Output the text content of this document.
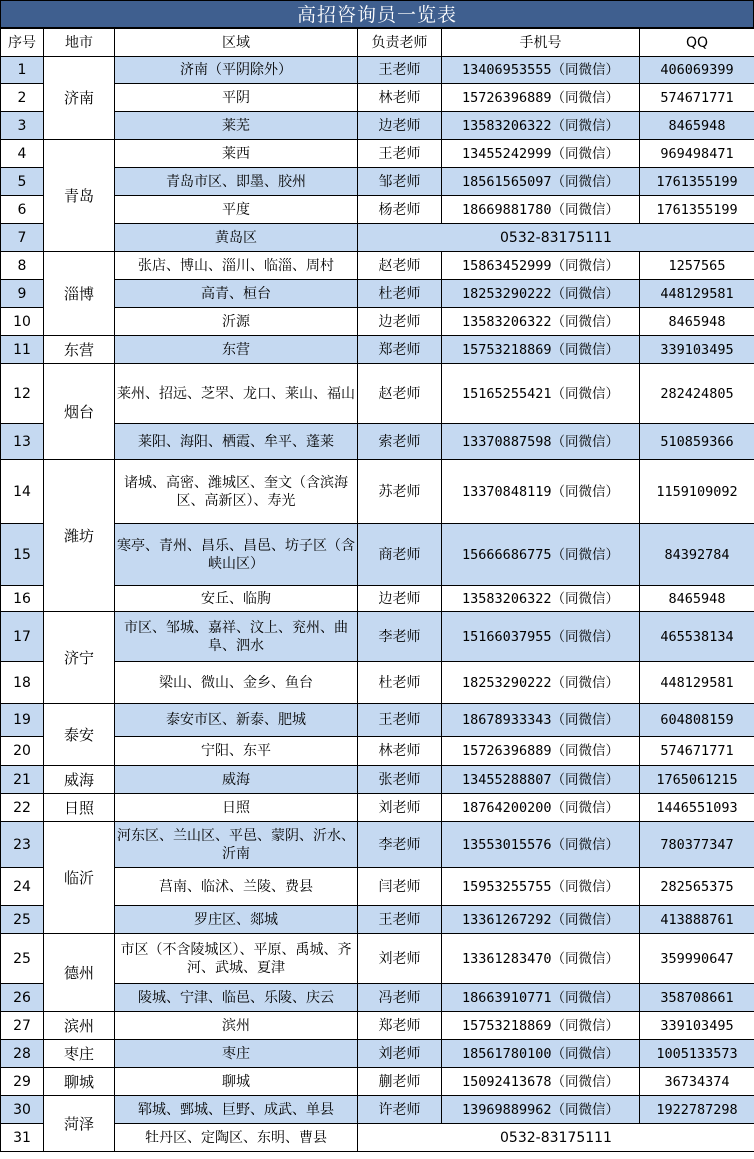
高招咨询员一览表
序号	地市	区域	负责老师	手机号	QQ
1	济南	济南（平阴除外）	王老师	13406953555（同微信）	406069399
2		平阴	林老师	15726396889（同微信）	574671771
3		莱芜	边老师	13583206322（同微信）	8465948
4	青岛	莱西	王老师	13455242999（同微信）	969498471
5		青岛市区、即墨、胶州	邹老师	18561565097（同微信）	1761355199
6		平度	杨老师	18669881780（同微信）	1761355199
7		黄岛区	0532-83175111		
8	淄博	张店、博山、淄川、临淄、周村	赵老师	15863452999（同微信）	1257565
9		高青、桓台	杜老师	18253290222（同微信）	448129581
10		沂源	边老师	13583206322（同微信）	8465948
11	东营	东营	郑老师	15753218869（同微信）	339103495
12	烟台	莱州、招远、芝罘、龙口、莱山、福山	赵老师	15165255421（同微信）	282424805
13		莱阳、海阳、栖霞、牟平、蓬莱	索老师	13370887598（同微信）	510859366
14	潍坊	诸城、高密、潍城区、奎文（含滨海区、高新区）、寿光	苏老师	13370848119（同微信）	1159109092
15		寒亭、青州、昌乐、昌邑、坊子区（含峡山区）	商老师	15666686775（同微信）	84392784
16		安丘、临朐	边老师	13583206322（同微信）	8465948
17	济宁	市区、邹城、嘉祥、汶上、兖州、曲阜、泗水	李老师	15166037955（同微信）	465538134
18		梁山、微山、金乡、鱼台	杜老师	18253290222（同微信）	448129581
19	泰安	泰安市区、新泰、肥城	王老师	18678933343（同微信）	604808159
20		宁阳、东平	林老师	15726396889（同微信）	574671771
21	威海	威海	张老师	13455288807（同微信）	1765061215
22	日照	日照	刘老师	18764200200（同微信）	1446551093
23	临沂	河东区、兰山区、平邑、蒙阴、沂水、沂南	李老师	13553015576（同微信）	780377347
24		莒南、临沭、兰陵、费县	闫老师	15953255755（同微信）	282565375
25		罗庄区、郯城	王老师	13361267292（同微信）	413888761
25	德州	市区（不含陵城区）、平原、禹城、齐河、武城、夏津	刘老师	13361283470（同微信）	359990647
26		陵城、宁津、临邑、乐陵、庆云	冯老师	18663910771（同微信）	358708661
27	滨州	滨州	郑老师	15753218869（同微信）	339103495
28	枣庄	枣庄	刘老师	18561780100（同微信）	1005133573
29	聊城	聊城	蒯老师	15092413678（同微信）	36734374
30	菏泽	郓城、鄄城、巨野、成武、单县	许老师	13969889962（同微信）	1922787298
31		牡丹区、定陶区、东明、曹县	0532-83175111		
